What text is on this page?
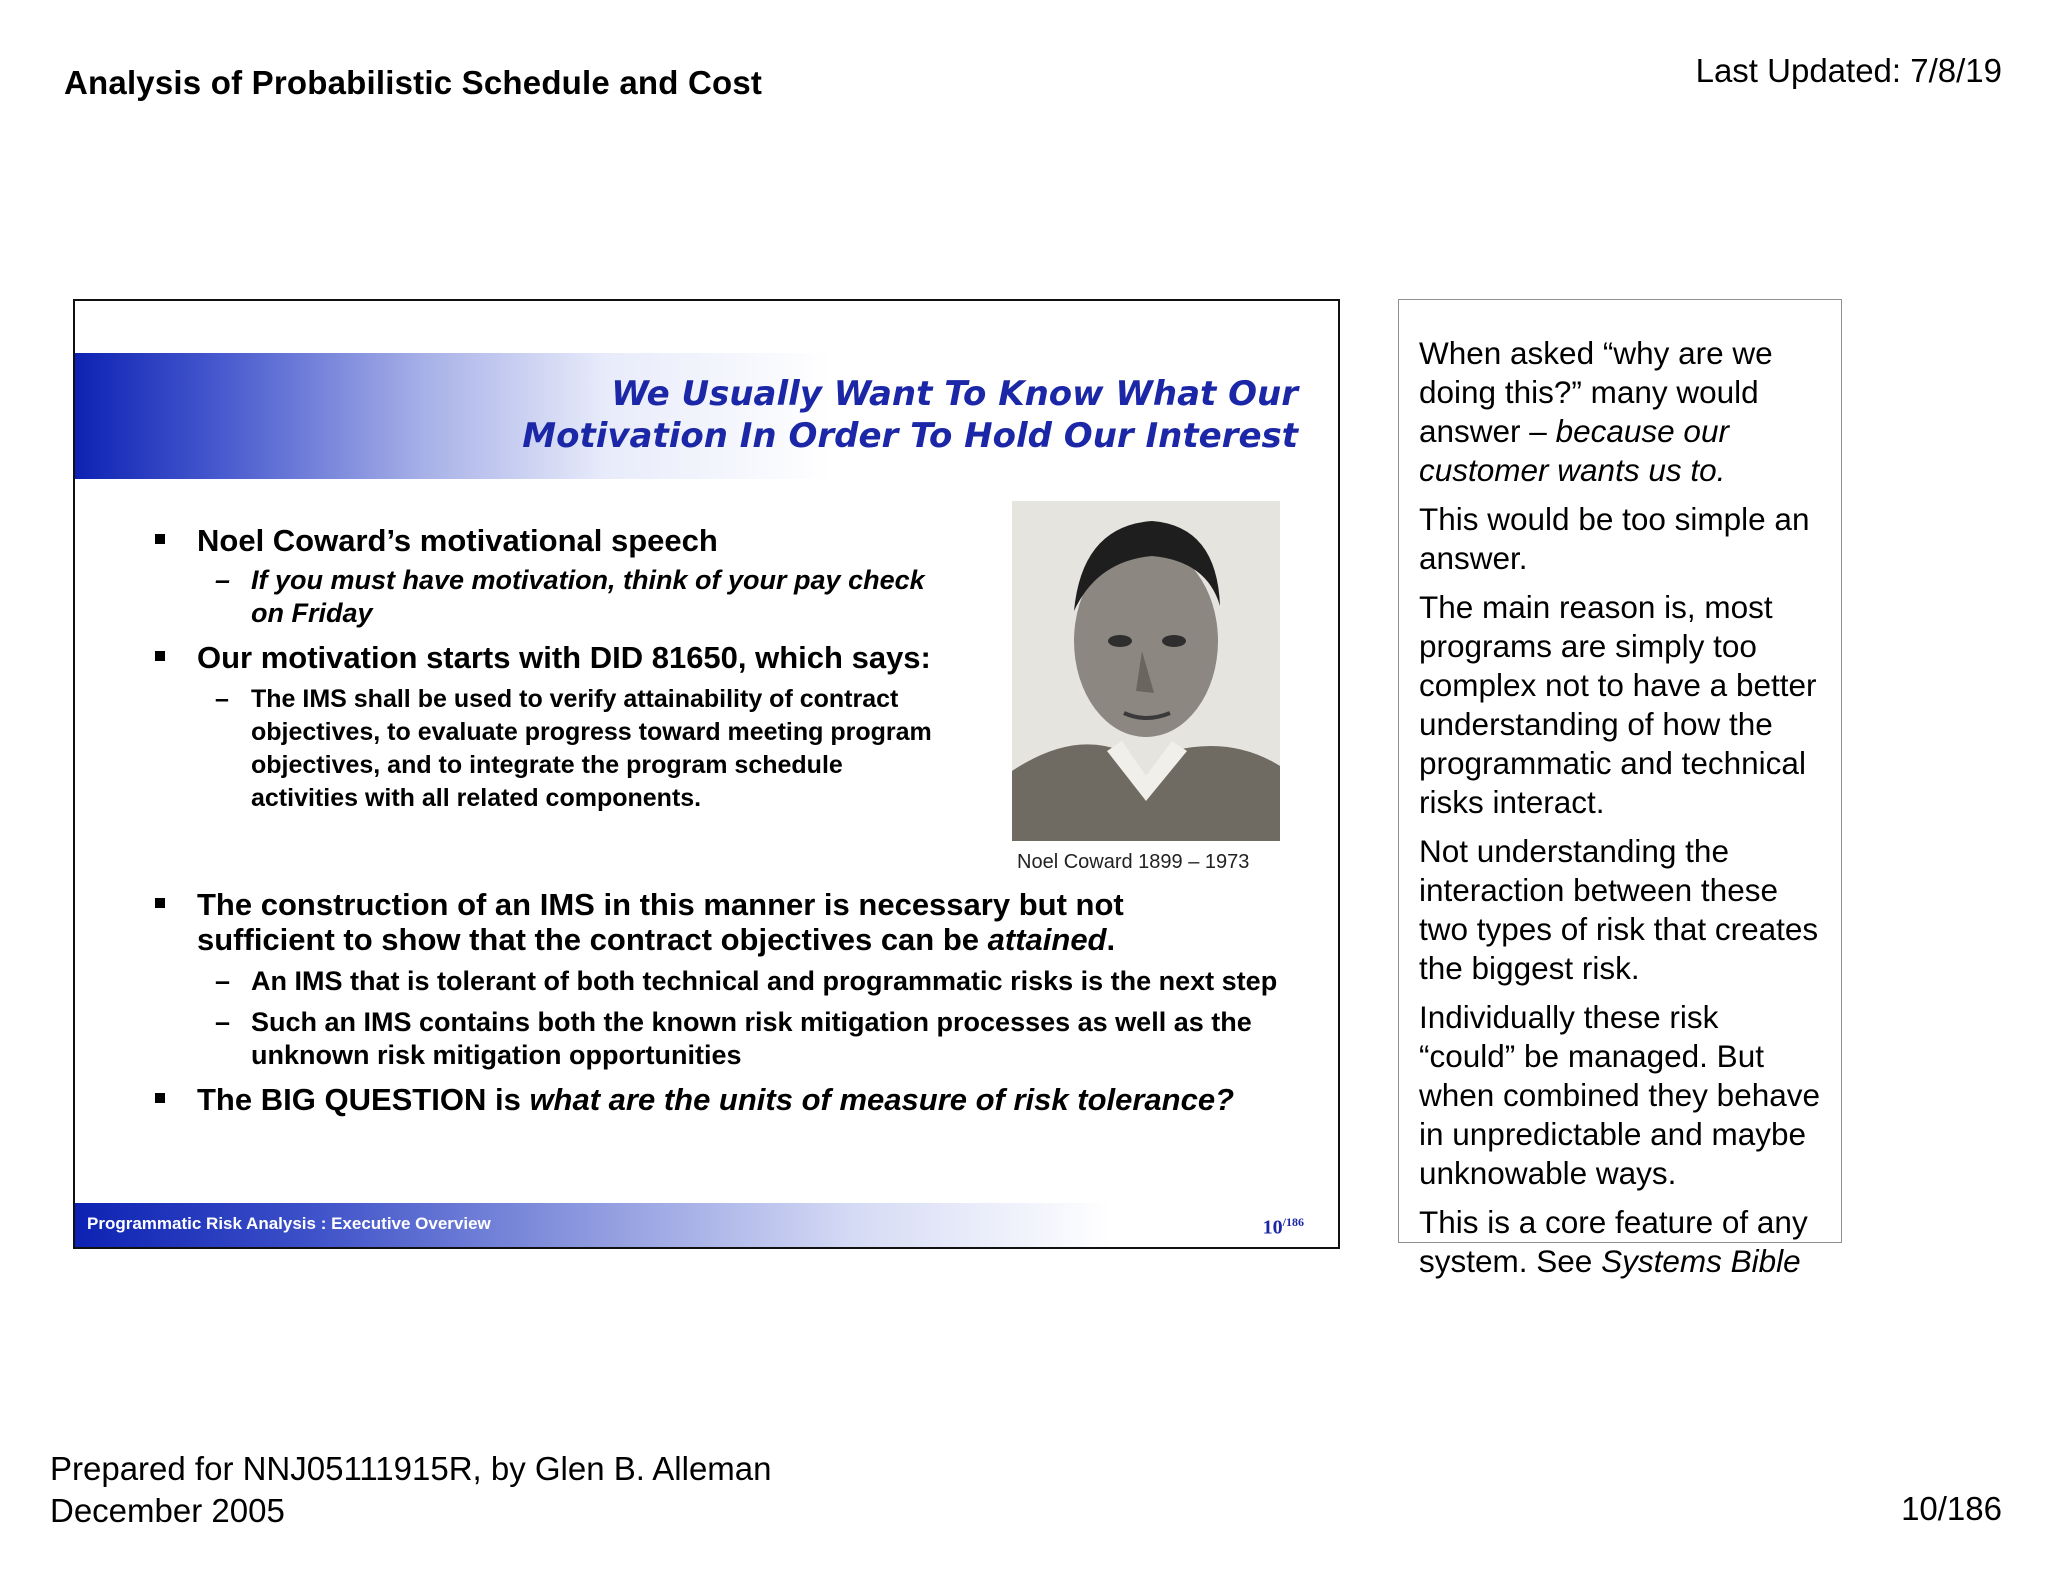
Analysis of Probabilistic Schedule and Cost	Last Updated: 7/8/19
We Usually Want To Know What Our
Motivation In Order To Hold Our Interest
Noel Coward’s motivational speech
– If you must have motivation, think of your pay check on Friday
Our motivation starts with DID 81650, which says:
– The IMS shall be used to verify attainability of contract objectives, to evaluate progress toward meeting program objectives, and to integrate the program schedule activities with all related components.
The construction of an IMS in this manner is necessary but not sufficient to show that the contract objectives can be attained.
– An IMS that is tolerant of both technical and programmatic risks is the next step
– Such an IMS contains both the known risk mitigation processes as well as the unknown risk mitigation opportunities
The BIG QUESTION is what are the units of measure of risk tolerance?
Noel Coward 1899 – 1973
Programmatic Risk Analysis : Executive Overview	$10^{/186}$

When asked “why are we doing this?” many would answer – because our customer wants us to.

This would be too simple an answer.

The main reason is, most programs are simply too complex not to have a better understanding of how the programmatic and technical risks interact.

Not understanding the interaction between these two types of risk that creates the biggest risk.

Individually these risk “could” be managed. But when combined they behave in unpredictable and maybe unknowable ways.

This is a core feature of any system. See Systems Bible

Prepared for NNJ05111915R, by Glen B. Alleman
December 2005	10/186
